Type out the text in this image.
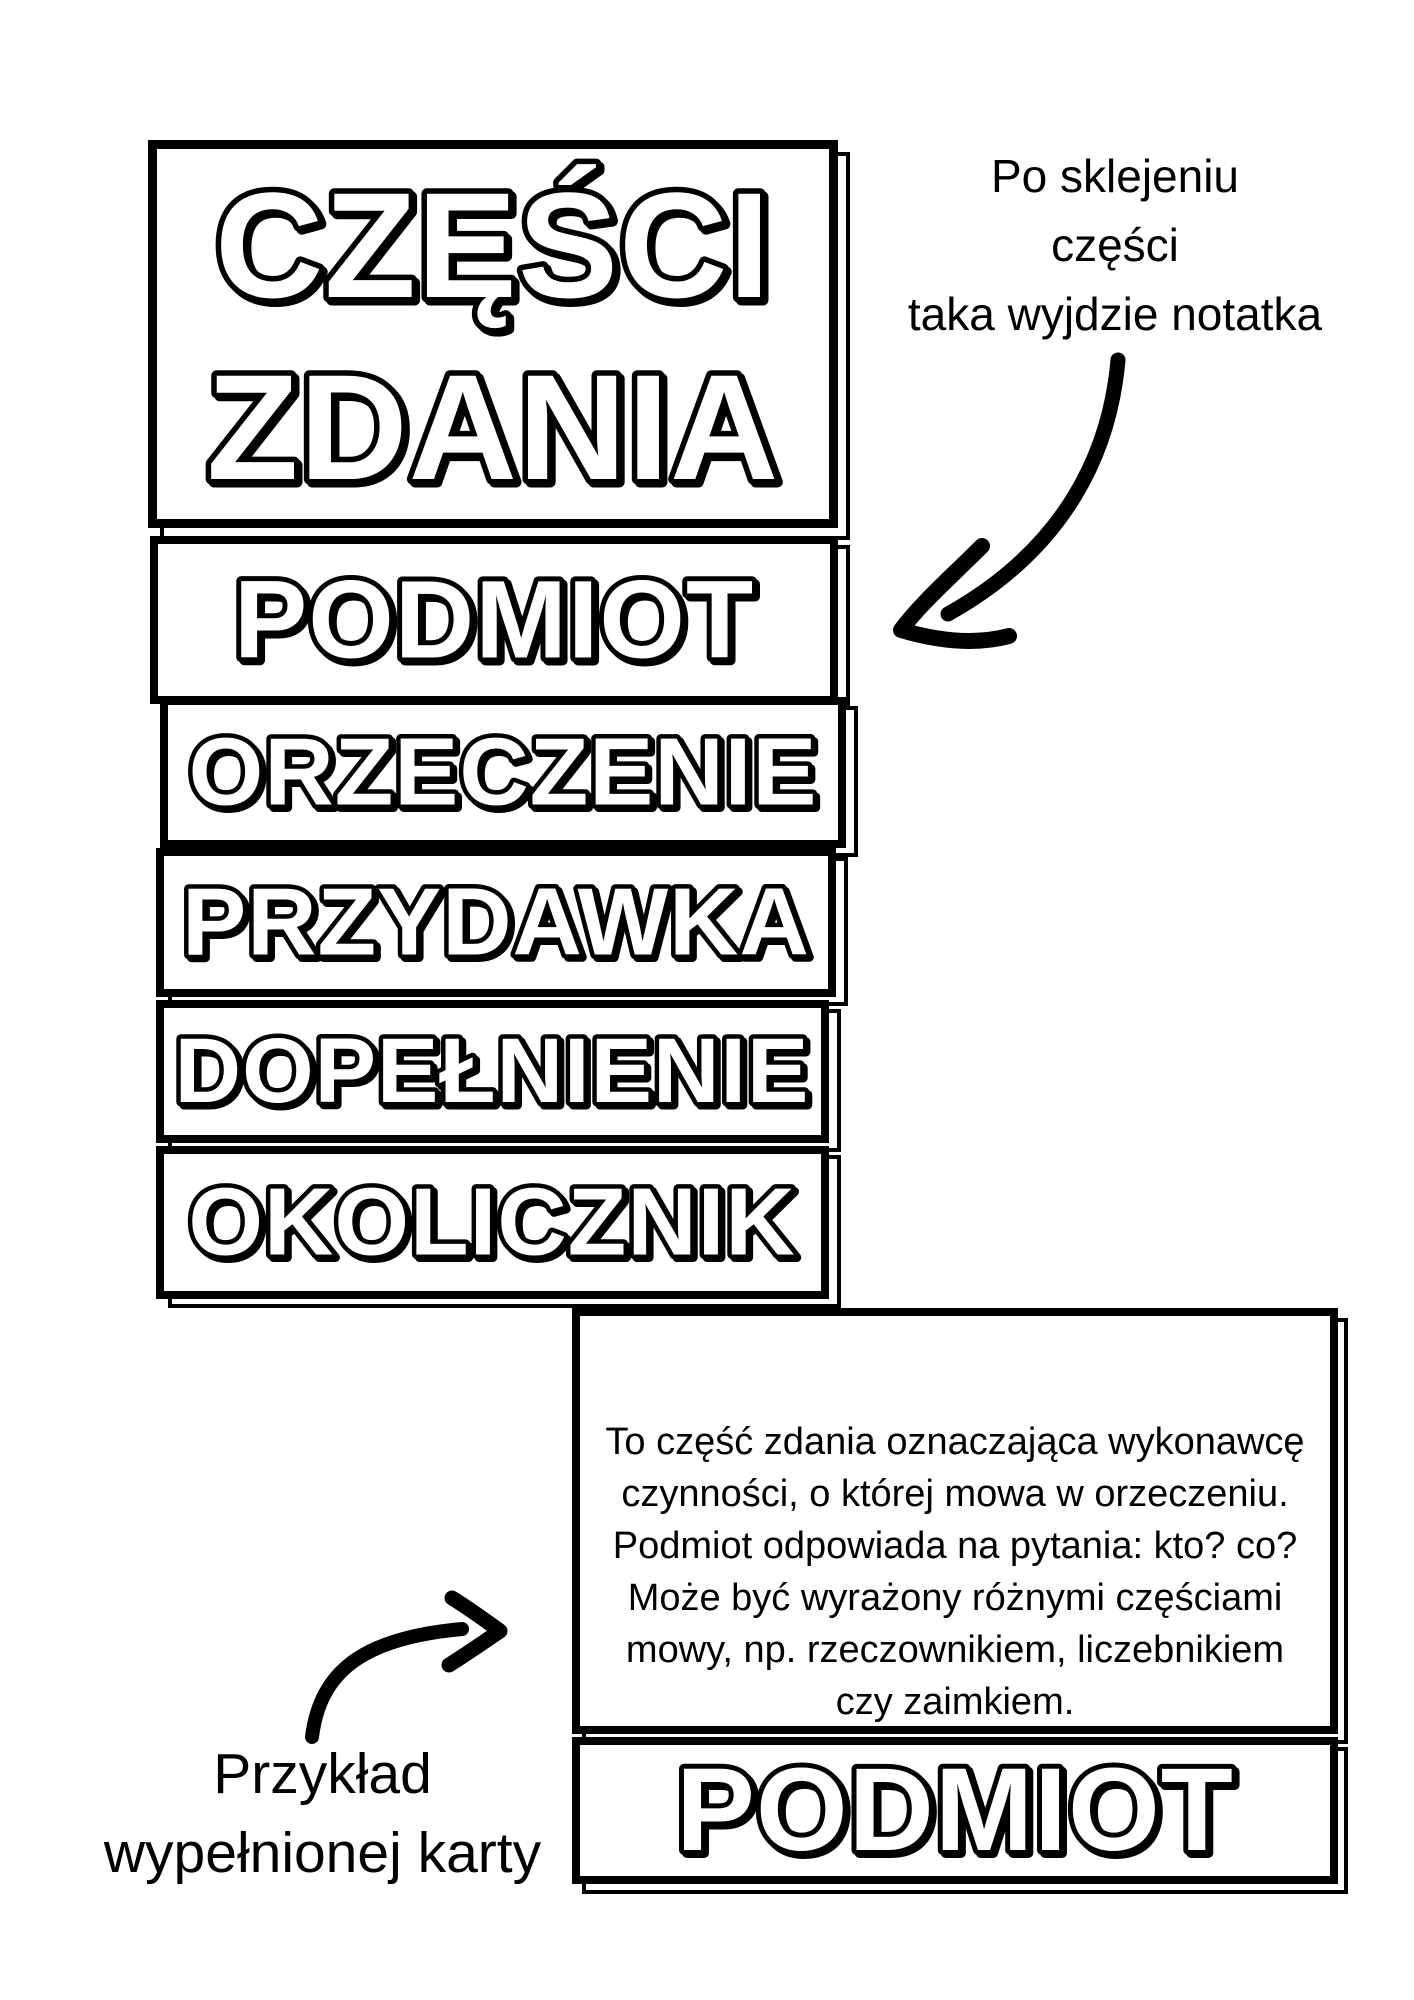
CZĘŚCI
ZDANIA
PODMIOT
ORZECZENIE
PRZYDAWKA
DOPEŁNIENIE
OKOLICZNIK
Po sklejeniu
części
taka wyjdzie notatka
Przykład
wypełnionej karty
To część zdania oznaczająca wykonawcę
czynności, o której mowa w orzeczeniu.
Podmiot odpowiada na pytania: kto? co?
Może być wyrażony różnymi częściami
mowy, np. rzeczownikiem, liczebnikiem
czy zaimkiem.
PODMIOT
